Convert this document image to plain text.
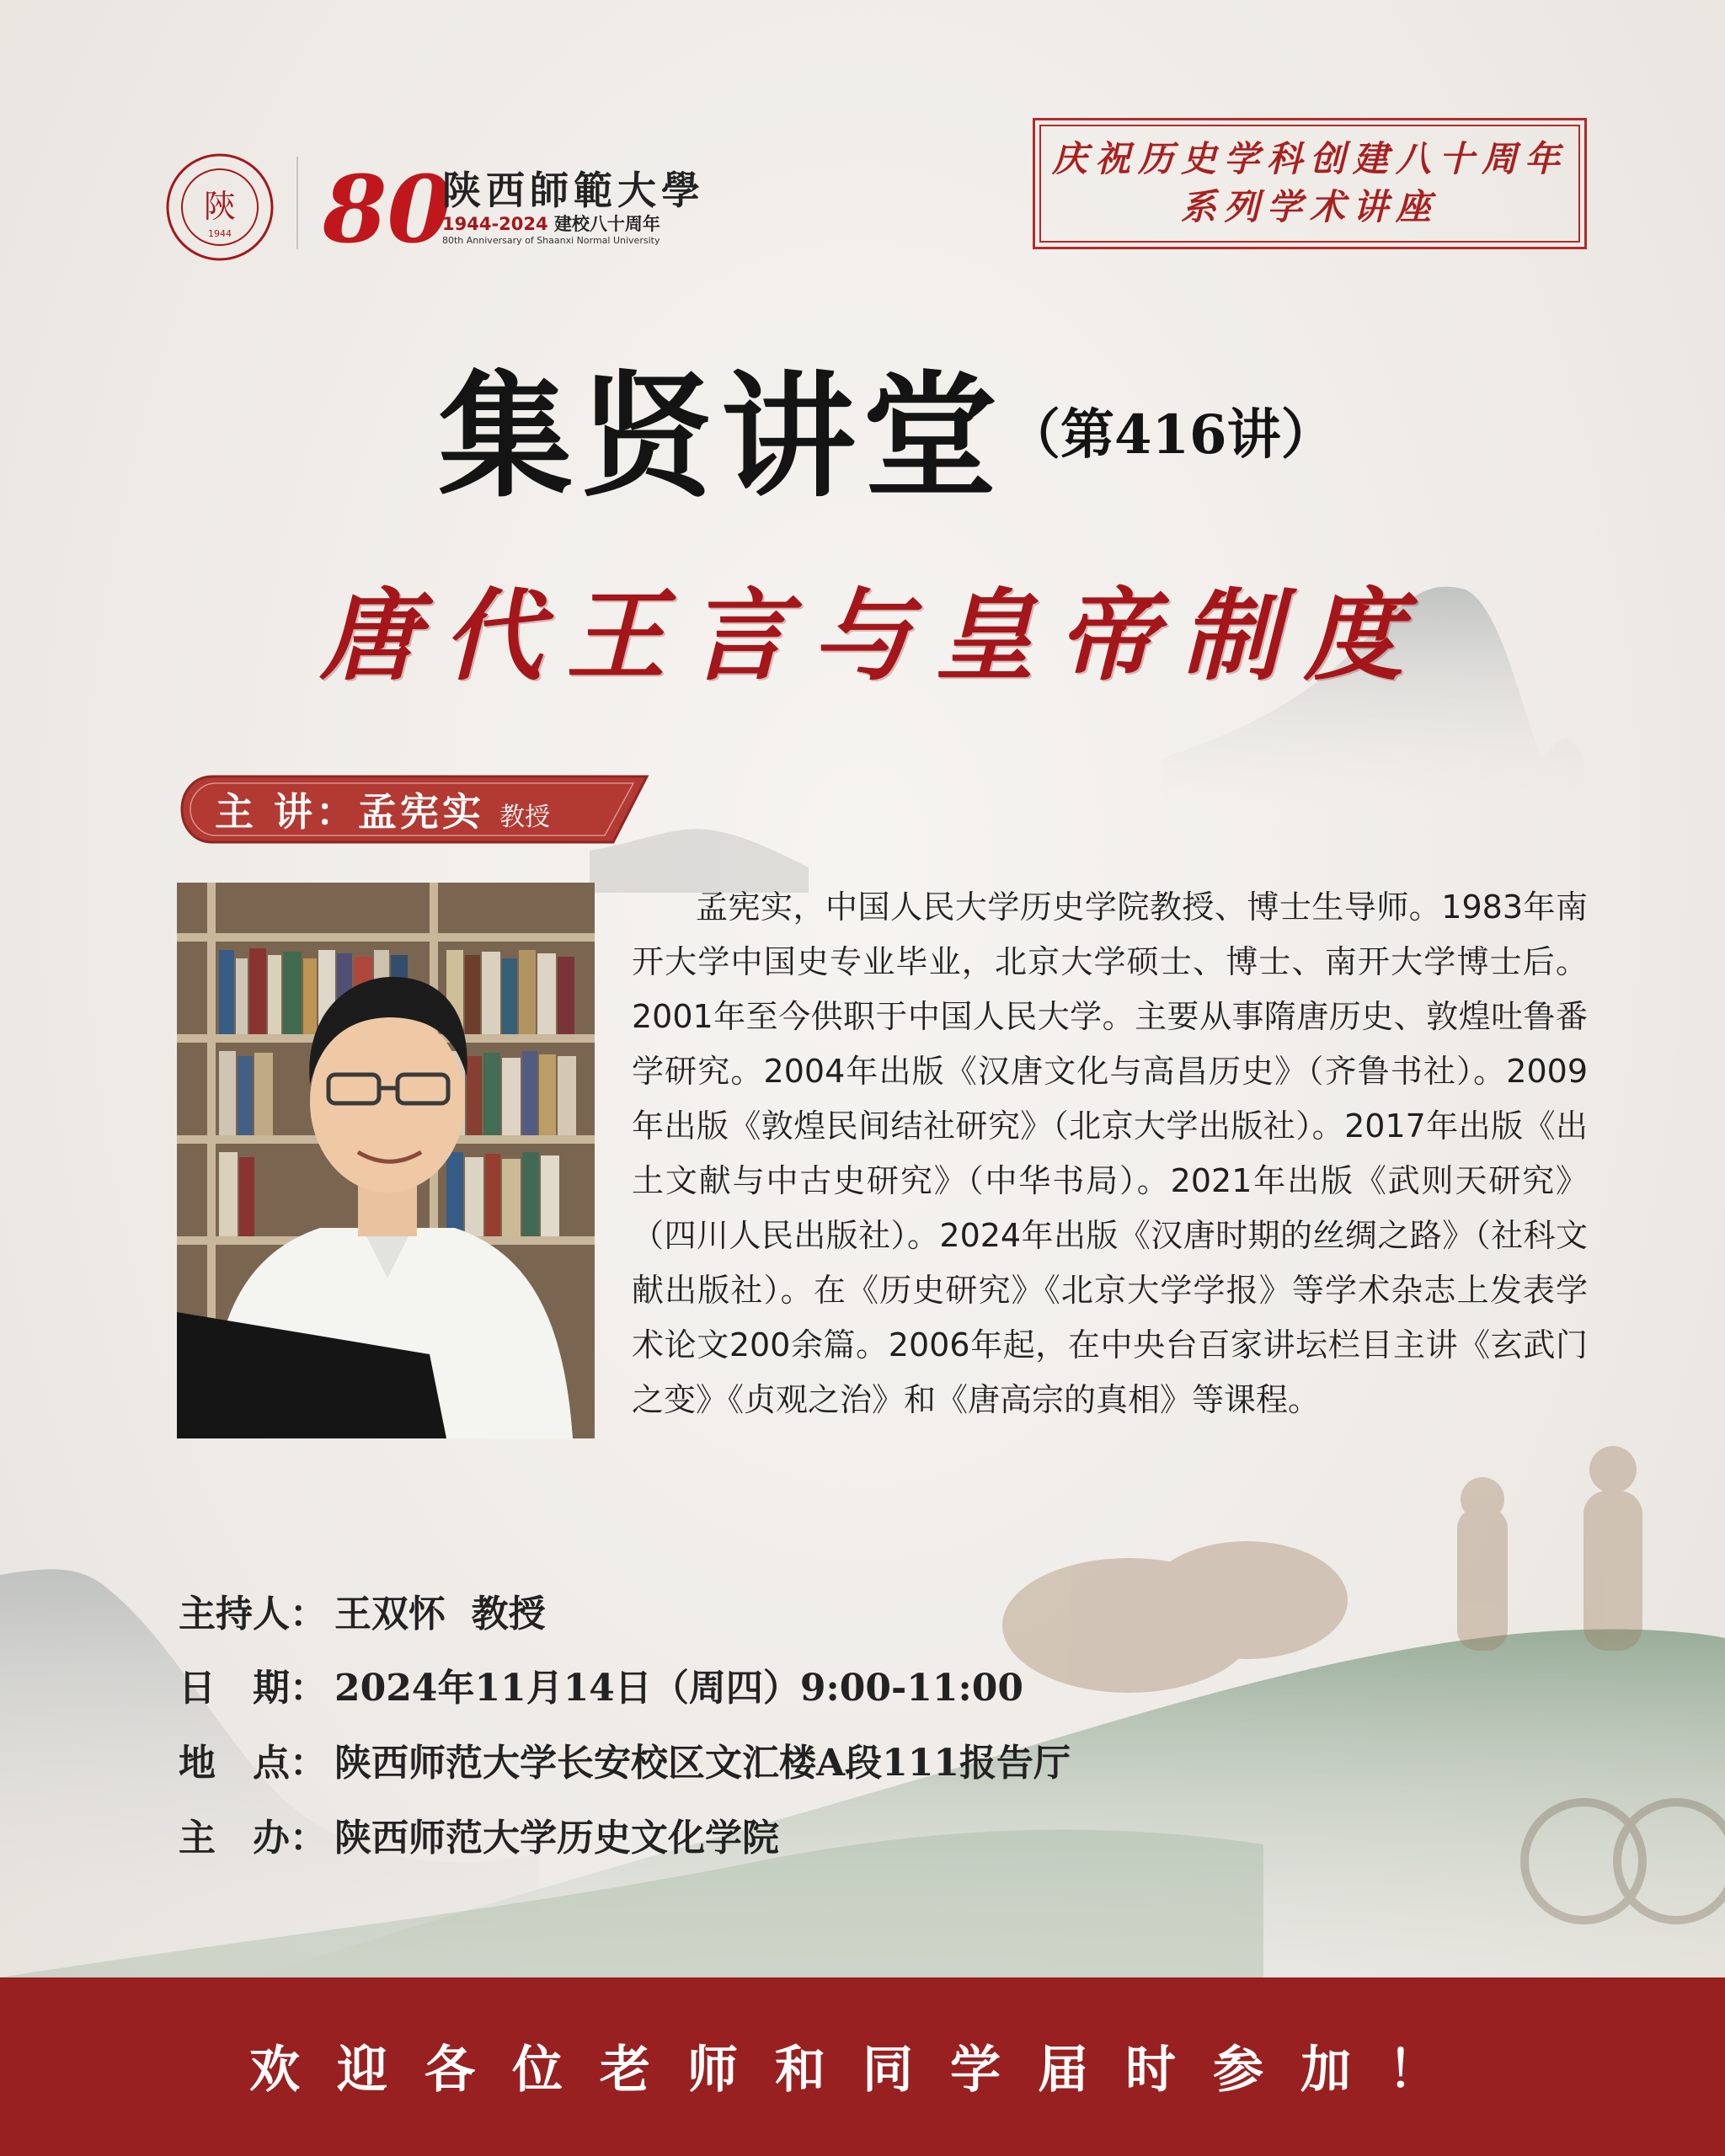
陝
1944 80
陕西師範大學
1944-2024 建校八十周年
80th Anniversary of Shaanxi Normal University
庆祝历史学科创建八十周年
系列学术讲座
集贤讲堂 （第416讲）
唐代王言与皇帝制度
主 讲：孟宪实 教授
孟宪实，中国人民大学历史学院教授、博士生导师。1983年南开大学中国史专业毕业，北京大学硕士、博士、南开大学博士后。2001年至今供职于中国人民大学。主要从事隋唐历史、敦煌吐鲁番学研究。2004年出版《汉唐文化与高昌历史》（齐鲁书社）。2009年出版《敦煌民间结社研究》（北京大学出版社）。2017年出版《出土文献与中古史研究》（中华书局）。2021年出版《武则天研究》（四川人民出版社）。2024年出版《汉唐时期的丝绸之路》（社科文献出版社）。在《历史研究》《北京大学学报》等学术杂志上发表学术论文200余篇。2006年起，在中央台百家讲坛栏目主讲《玄武门之变》《贞观之治》和《唐高宗的真相》等课程。
主持人： 王双怀  教授
日　期： 2024年11月14日（周四）9:00-11:00
地　点： 陕西师范大学长安校区文汇楼A段111报告厅
主　办： 陕西师范大学历史文化学院
欢迎各位老师和同学届时参加！
